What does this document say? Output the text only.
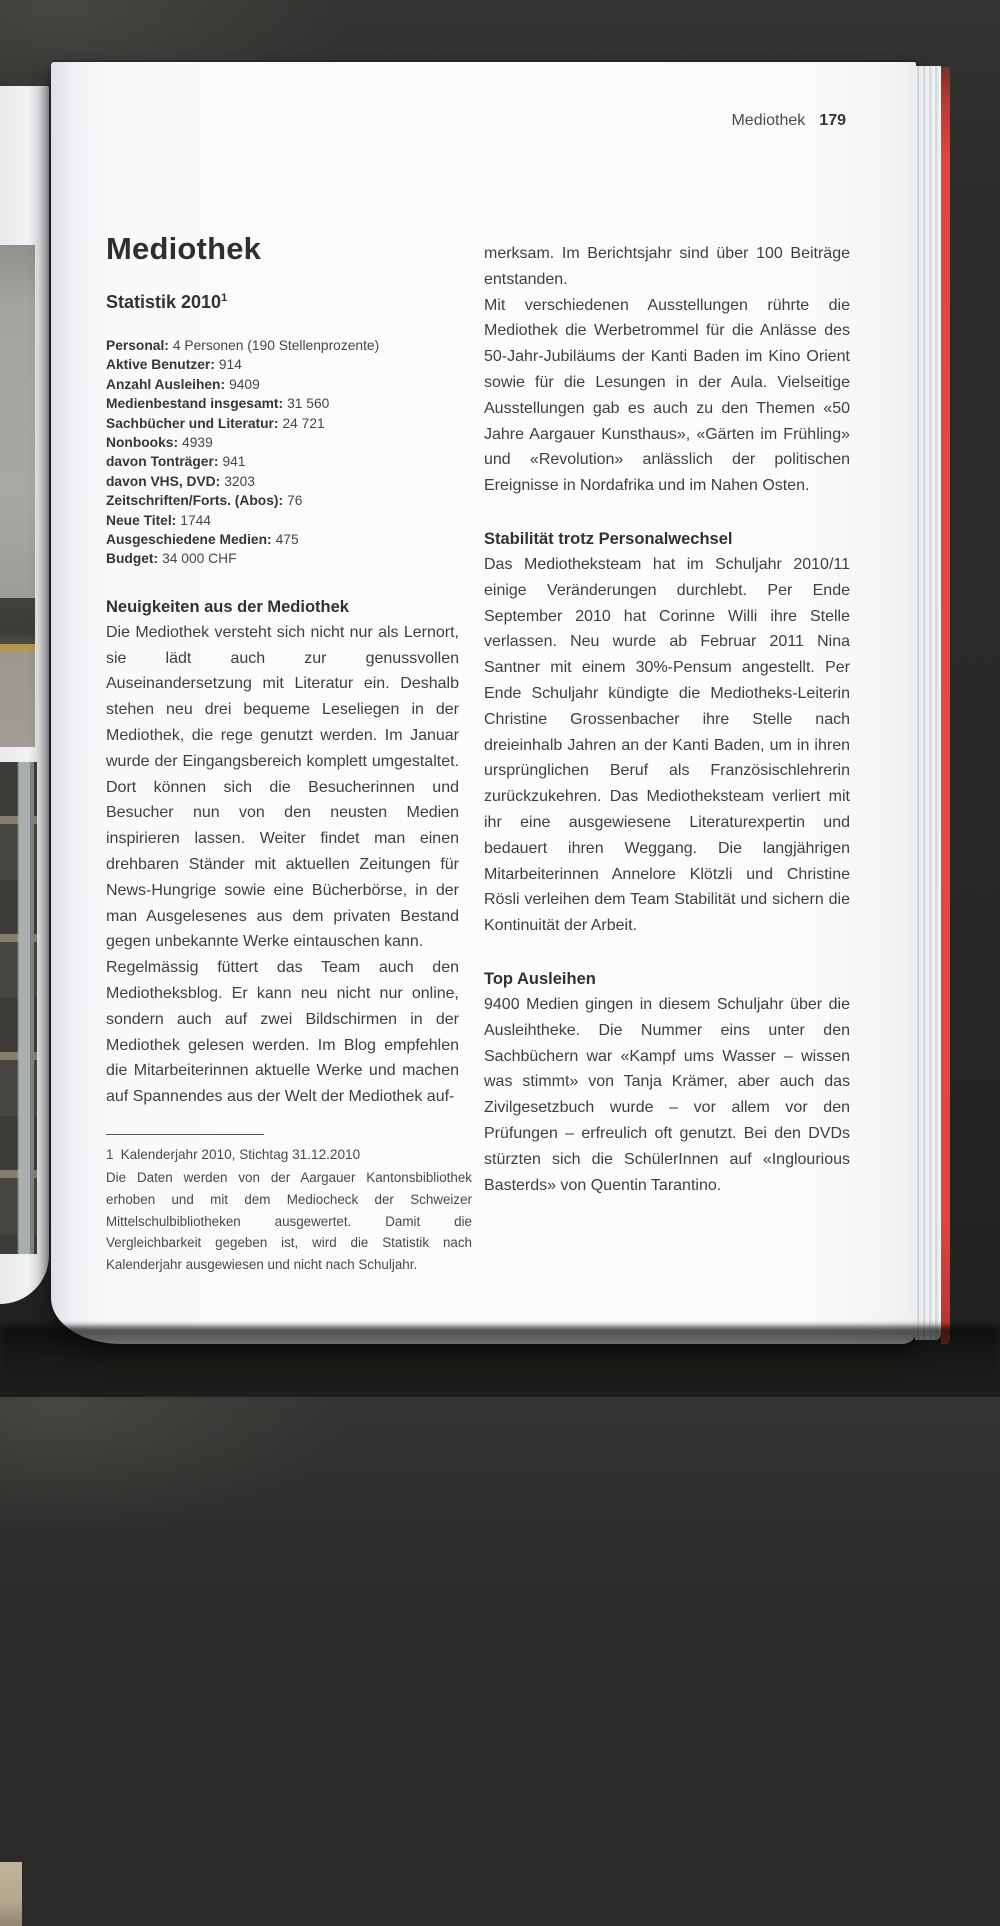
Mediothek 179
Mediothek
Statistik 2010$^1$
Personal: 4 Personen (190 Stellenprozente)
Aktive Benutzer: 914
Anzahl Ausleihen: 9409
Medienbestand insgesamt: 31 560
Sachbücher und Literatur: 24 721
Nonbooks: 4939
davon Tonträger: 941
davon VHS, DVD: 3203
Zeitschriften/Forts. (Abos): 76
Neue Titel: 1744
Ausgeschiedene Medien: 475
Budget: 34 000 CHF
Neuigkeiten aus der Mediothek

Die Mediothek versteht sich nicht nur als Lernort, sie lädt auch zur genussvollen Auseinandersetzung mit Literatur ein. Deshalb stehen neu drei bequeme Leseliegen in der Mediothek, die rege genutzt werden. Im Januar wurde der Eingangsbereich komplett umgestaltet. Dort können sich die Besucherinnen und Besucher nun von den neusten Medien inspirieren lassen. Weiter findet man einen drehbaren Ständer mit aktuellen Zeitungen für News-Hungrige sowie eine Bücherbörse, in der man Ausgelesenes aus dem privaten Bestand gegen unbekannte Werke eintauschen kann.

Regelmässig füttert das Team auch den Mediotheksblog. Er kann neu nicht nur online, sondern auch auf zwei Bildschirmen in der Mediothek gelesen werden. Im Blog empfehlen die Mitarbeiterinnen aktuelle Werke und machen auf Spannendes aus der Welt der Mediothek auf-

merksam. Im Berichtsjahr sind über 100 Beiträge entstanden.

Mit verschiedenen Ausstellungen rührte die Mediothek die Werbetrommel für die Anlässe des 50-Jahr-Jubiläums der Kanti Baden im Kino Orient sowie für die Lesungen in der Aula. Vielseitige Ausstellungen gab es auch zu den Themen «50 Jahre Aargauer Kunsthaus», «Gärten im Frühling» und «Revolution» anlässlich der politischen Ereignisse in Nordafrika und im Nahen Osten.

Stabilität trotz Personalwechsel

Das Mediotheksteam hat im Schuljahr 2010/11 einige Veränderungen durchlebt. Per Ende September 2010 hat Corinne Willi ihre Stelle verlassen. Neu wurde ab Februar 2011 Nina Santner mit einem 30%-Pensum angestellt. Per Ende Schuljahr kündigte die Mediotheks-Leiterin Christine Grossenbacher ihre Stelle nach dreieinhalb Jahren an der Kanti Baden, um in ihren ursprünglichen Beruf als Französischlehrerin zurückzukehren. Das Mediotheksteam verliert mit ihr eine ausgewiesene Literaturexpertin und bedauert ihren Weggang. Die langjährigen Mitarbeiterinnen Annelore Klötzli und Christine Rösli verleihen dem Team Stabilität und sichern die Kontinuität der Arbeit.

Top Ausleihen

9400 Medien gingen in diesem Schuljahr über die Ausleihtheke. Die Nummer eins unter den Sachbüchern war «Kampf ums Wasser – wissen was stimmt» von Tanja Krämer, aber auch das Zivilgesetzbuch wurde – vor allem vor den Prüfungen – erfreulich oft genutzt. Bei den DVDs stürzten sich die SchülerInnen auf «Inglourious Basterds» von Quentin Tarantino.

1 Kalenderjahr 2010, Stichtag 31.12.2010

Die Daten werden von der Aargauer Kantonsbibliothek erhoben und mit dem Mediocheck der Schweizer Mittelschulbibliotheken ausgewertet. Damit die Vergleichbarkeit gegeben ist, wird die Statistik nach Kalenderjahr ausgewiesen und nicht nach Schuljahr.
